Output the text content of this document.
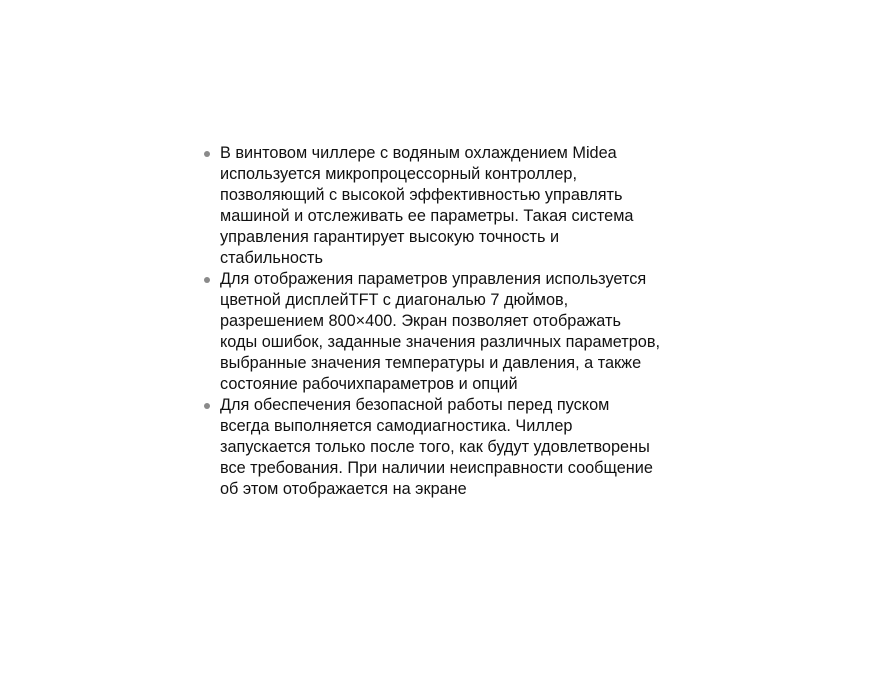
В винтовом чиллере с водяным охлаждением Midea
используется микропроцессорный контроллер,
позволяющий с высокой эффективностью управлять
машиной и отслеживать ее параметры. Такая система
управления гарантирует высокую точность и
стабильность
Для отображения параметров управления используется
цветной дисплейTFT с диагональю 7 дюймов,
разрешением 800×400. Экран позволяет отображать
коды ошибок, заданные значения различных параметров,
выбранные значения температуры и давления, а также
состояние рабочихпараметров и опций
Для обеспечения безопасной работы перед пуском
всегда выполняется самодиагностика. Чиллер
запускается только после того, как будут удовлетворены
все требования. При наличии неисправности сообщение
об этом отображается на экране
